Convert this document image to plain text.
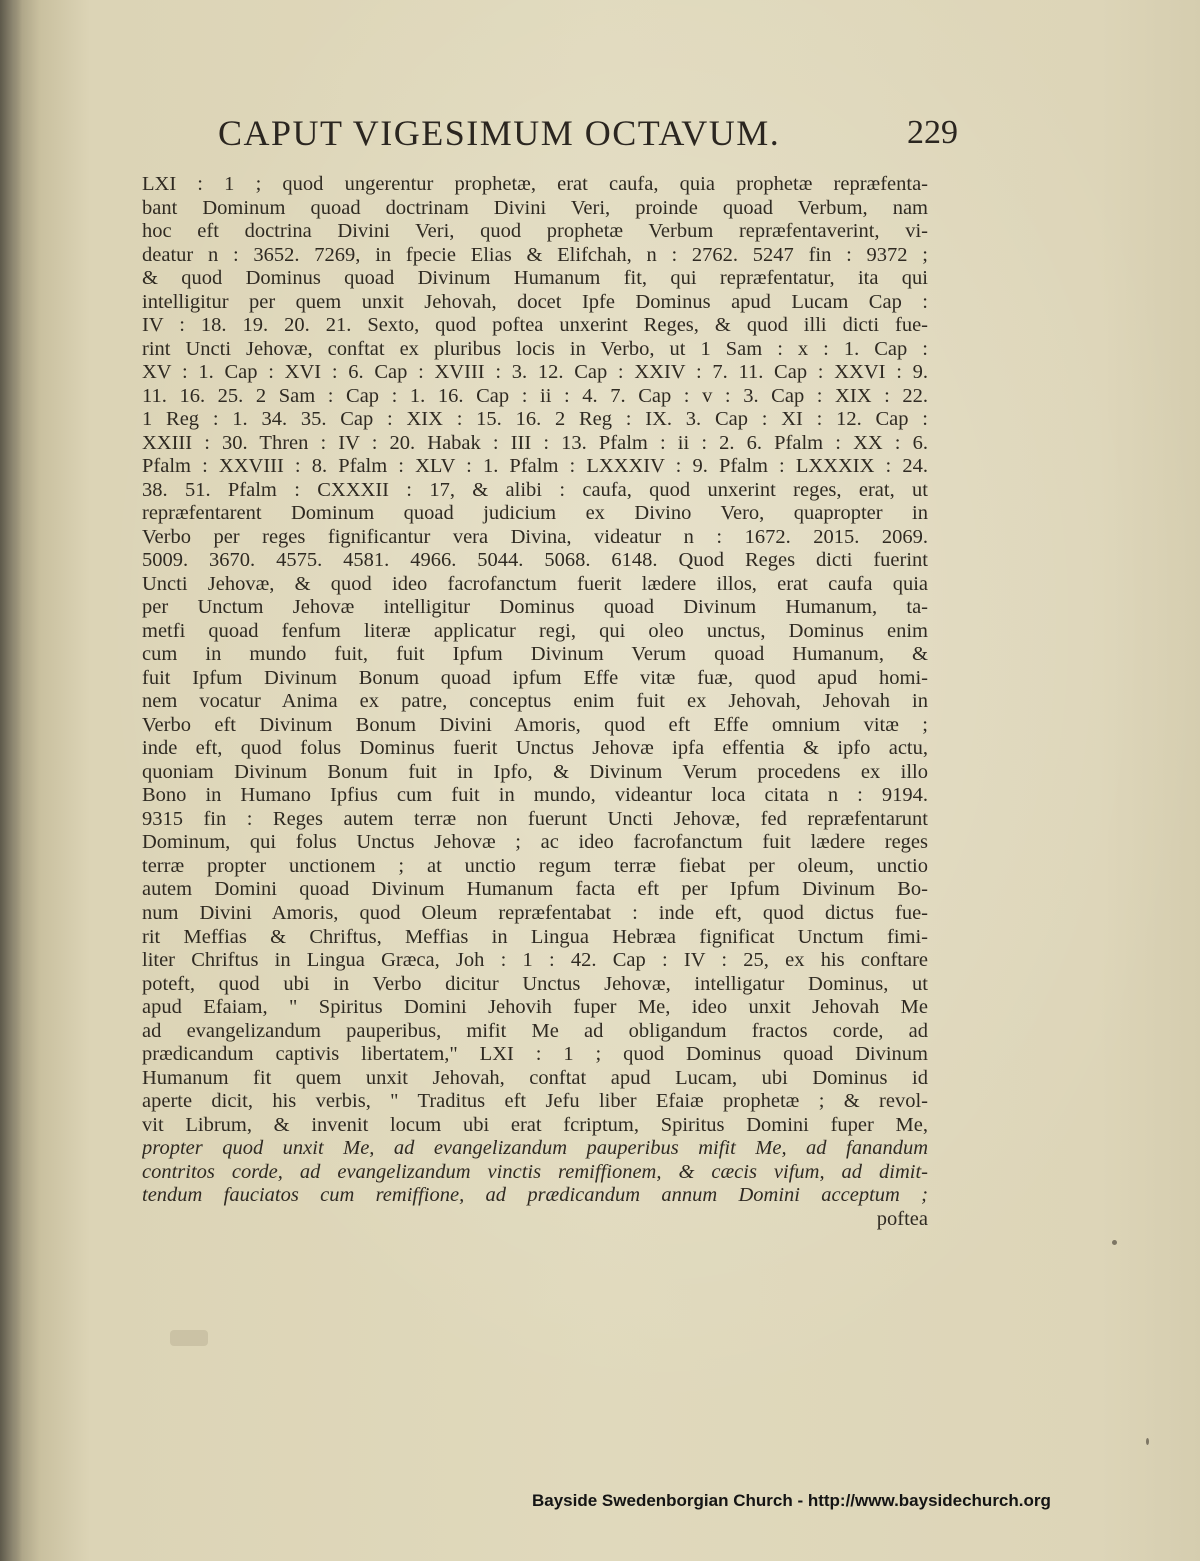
CAPUT VIGESIMUM OCTAVUM.	229
LXI : 1 ; quod ungerentur prophetæ, erat caufa, quia prophetæ repræfenta-
bant Dominum quoad doctrinam Divini Veri, proinde quoad Verbum, nam
hoc eft doctrina Divini Veri, quod prophetæ Verbum repræfentaverint, vi-
deatur n : 3652. 7269, in fpecie Elias & Elifchah, n : 2762. 5247 fin : 9372 ;
& quod Dominus quoad Divinum Humanum fit, qui repræfentatur, ita qui
intelligitur per quem unxit Jehovah, docet Ipfe Dominus apud Lucam Cap :
IV : 18. 19. 20. 21. Sexto, quod poftea unxerint Reges, & quod illi dicti fue-
rint Uncti Jehovæ, conftat ex pluribus locis in Verbo, ut 1 Sam : x : 1. Cap :
XV : 1. Cap : XVI : 6. Cap : XVIII : 3. 12. Cap : XXIV : 7. 11. Cap : XXVI : 9.
11. 16. 25. 2 Sam : Cap : 1. 16. Cap : ii : 4. 7. Cap : v : 3. Cap : XIX : 22.
1 Reg : 1. 34. 35. Cap : XIX : 15. 16. 2 Reg : IX. 3. Cap : XI : 12. Cap :
XXIII : 30. Thren : IV : 20. Habak : III : 13. Pfalm : ii : 2. 6. Pfalm : XX : 6.
Pfalm : XXVIII : 8. Pfalm : XLV : 1. Pfalm : LXXXIV : 9. Pfalm : LXXXIX : 24.
38. 51. Pfalm : CXXXII : 17, & alibi : caufa, quod unxerint reges, erat, ut
repræfentarent Dominum quoad judicium ex Divino Vero, quapropter in
Verbo per reges fignificantur vera Divina, videatur n : 1672. 2015. 2069.
5009. 3670. 4575. 4581. 4966. 5044. 5068. 6148. Quod Reges dicti fuerint
Uncti Jehovæ, & quod ideo facrofanctum fuerit lædere illos, erat caufa quia
per Unctum Jehovæ intelligitur Dominus quoad Divinum Humanum, ta-
metfi quoad fenfum literæ applicatur regi, qui oleo unctus, Dominus enim
cum in mundo fuit, fuit Ipfum Divinum Verum quoad Humanum, &
fuit Ipfum Divinum Bonum quoad ipfum Effe vitæ fuæ, quod apud homi-
nem vocatur Anima ex patre, conceptus enim fuit ex Jehovah, Jehovah in
Verbo eft Divinum Bonum Divini Amoris, quod eft Effe omnium vitæ ;
inde eft, quod folus Dominus fuerit Unctus Jehovæ ipfa effentia & ipfo actu,
quoniam Divinum Bonum fuit in Ipfo, & Divinum Verum procedens ex illo
Bono in Humano Ipfius cum fuit in mundo, videantur loca citata n : 9194.
9315 fin : Reges autem terræ non fuerunt Uncti Jehovæ, fed repræfentarunt
Dominum, qui folus Unctus Jehovæ ; ac ideo facrofanctum fuit lædere reges
terræ propter unctionem ; at unctio regum terræ fiebat per oleum, unctio
autem Domini quoad Divinum Humanum facta eft per Ipfum Divinum Bo-
num Divini Amoris, quod Oleum repræfentabat : inde eft, quod dictus fue-
rit Meffias & Chriftus, Meffias in Lingua Hebræa fignificat Unctum fimi-
liter Chriftus in Lingua Græca, Joh : 1 : 42. Cap : IV : 25, ex his conftare
poteft, quod ubi in Verbo dicitur Unctus Jehovæ, intelligatur Dominus, ut
apud Efaiam, " Spiritus Domini Jehovih fuper Me, ideo unxit Jehovah Me
ad evangelizandum pauperibus, mifit Me ad obligandum fractos corde, ad
prædicandum captivis libertatem," LXI : 1 ; quod Dominus quoad Divinum
Humanum fit quem unxit Jehovah, conftat apud Lucam, ubi Dominus id
aperte dicit, his verbis, " Traditus eft Jefu liber Efaiæ prophetæ ; & revol-
vit Librum, & invenit locum ubi erat fcriptum, Spiritus Domini fuper Me,
propter quod unxit Me, ad evangelizandum pauperibus mifit Me, ad fanandum
contritos corde, ad evangelizandum vinctis remiffionem, & cæcis vifum, ad dimit-
tendum fauciatos cum remiffione, ad prædicandum annum Domini acceptum ;
poftea
Bayside Swedenborgian Church - http://www.baysidechurch.org
